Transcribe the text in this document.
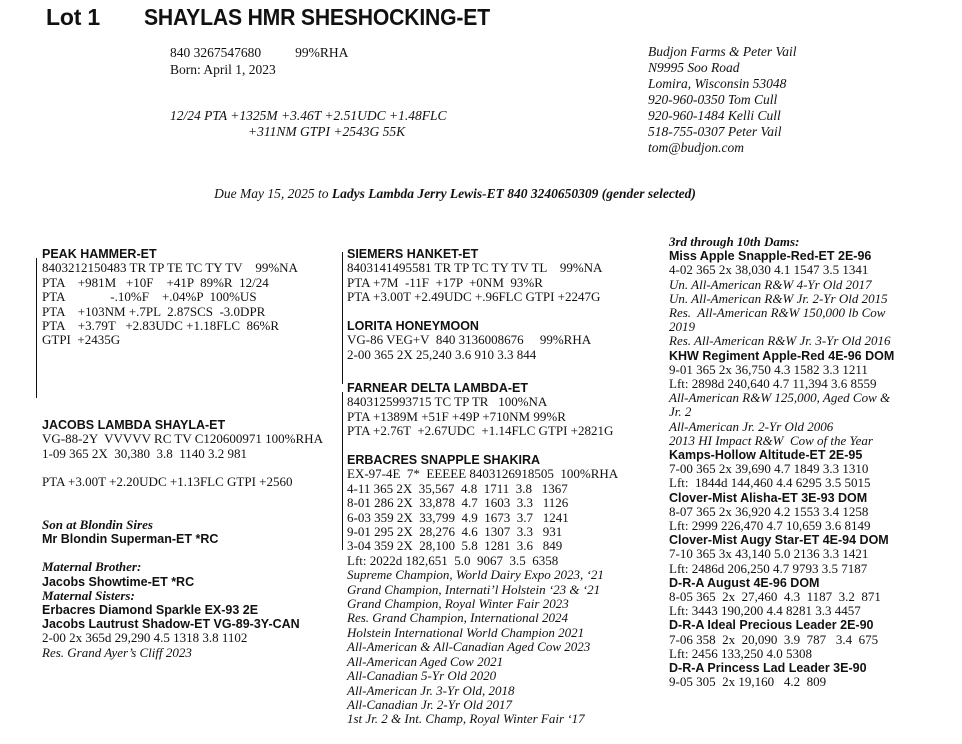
Lot 1 SHAYLAS HMR SHESHOCKING-ET
840 3267547680	99%RHA
Born: April 1, 2023
12/24 PTA +1325M +3.46T +2.51UDC +1.48FLC
+311NM GTPI +2543G 55K
Budjon Farms & Peter Vail
N9995 Soo Road
Lomira, Wisconsin 53048
920-960-0350 Tom Cull
920-960-1484 Kelli Cull
518-755-0307 Peter Vail
tom@budjon.com
Due May 15, 2025 to Ladys Lambda Jerry Lewis-ET 840 3240650309 (gender selected)
PEAK HAMMER-ET
8403212150483 TR TP TE TC TY TV    99%NA
PTA    +981M   +10F    +41P  89%R  12/24
PTA              -.10%F    +.04%P  100%US
PTA    +103NM +.7PL  2.87SCS  -3.0DPR
PTA    +3.79T   +2.83UDC +1.18FLC  86%R
GTPI  +2435G
JACOBS LAMBDA SHAYLA-ET
VG-88-2Y  VVVVV RC TV C120600971 100%RHA
1-09 365 2X  30,380  3.8  1140 3.2 981
PTA +3.00T +2.20UDC +1.13FLC GTPI +2560
Son at Blondin Sires
Mr Blondin Superman-ET *RC
Maternal Brother:
Jacobs Showtime-ET *RC
Maternal Sisters:
Erbacres Diamond Sparkle EX-93 2E
Jacobs Lautrust Shadow-ET VG-89-3Y-CAN
2-00 2x 365d 29,290 4.5 1318 3.8 1102
Res. Grand Ayer’s Cliff 2023
SIEMERS HANKET-ET
8403141495581 TR TP TC TY TV TL    99%NA
PTA +7M  -11F  +17P  +0NM  93%R
PTA +3.00T +2.49UDC +.96FLC GTPI +2247G
LORITA HONEYMOON
VG-86 VEG+V  840 3136008676     99%RHA
2-00 365 2X 25,240 3.6 910 3.3 844
FARNEAR DELTA LAMBDA-ET
8403125993715 TC TP TR   100%NA
PTA +1389M +51F +49P +710NM 99%R
PTA +2.76T  +2.67UDC  +1.14FLC GTPI +2821G
ERBACRES SNAPPLE SHAKIRA
EX-97-4E  7*  EEEEE 8403126918505  100%RHA
4-11 365 2X  35,567  4.8  1711  3.8   1367
8-01 286 2X  33,878  4.7  1603  3.3   1126
6-03 359 2X  33,799  4.9  1673  3.7   1241
9-01 295 2X  28,276  4.6  1307  3.3   931
3-04 359 2X  28,100  5.8  1281  3.6   849
Lft: 2022d 182,651  5.0  9067  3.5  6358
Supreme Champion, World Dairy Expo 2023, ‘21
Grand Champion, Internati’l Holstein ‘23 & ‘21
Grand Champion, Royal Winter Fair 2023
Res. Grand Champion, International 2024
Holstein International World Champion 2021
All-American & All-Canadian Aged Cow 2023
All-American Aged Cow 2021
All-Canadian 5-Yr Old 2020
All-American Jr. 3-Yr Old, 2018
All-Canadian Jr. 2-Yr Old 2017
1st Jr. 2 & Int. Champ, Royal Winter Fair ‘17
3rd through 10th Dams:
Miss Apple Snapple-Red-ET 2E-96
4-02 365 2x 38,030 4.1 1547 3.5 1341
Un. All-American R&W 4-Yr Old 2017
Un. All-American R&W Jr. 2-Yr Old 2015
Res.  All-American R&W 150,000 lb Cow
2019
Res. All-American R&W Jr. 3-Yr Old 2016
KHW Regiment Apple-Red 4E-96 DOM
9-01 365 2x 36,750 4.3 1582 3.3 1211
Lft: 2898d 240,640 4.7 11,394 3.6 8559
All-American R&W 125,000, Aged Cow &
Jr. 2
All-American Jr. 2-Yr Old 2006
2013 HI Impact R&W  Cow of the Year
Kamps-Hollow Altitude-ET 2E-95
7-00 365 2x 39,690 4.7 1849 3.3 1310
Lft:  1844d 144,460 4.4 6295 3.5 5015
Clover-Mist Alisha-ET 3E-93 DOM
8-07 365 2x 36,920 4.2 1553 3.4 1258
Lft: 2999 226,470 4.7 10,659 3.6 8149
Clover-Mist Augy Star-ET 4E-94 DOM
7-10 365 3x 43,140 5.0 2136 3.3 1421
Lft: 2486d 206,250 4.7 9793 3.5 7187
D-R-A August 4E-96 DOM
8-05 365  2x  27,460  4.3  1187  3.2  871
Lft: 3443 190,200 4.4 8281 3.3 4457
D-R-A Ideal Precious Leader 2E-90
7-06 358  2x  20,090  3.9  787   3.4  675
Lft: 2456 133,250 4.0 5308
D-R-A Princess Lad Leader 3E-90
9-05 305  2x 19,160   4.2  809
